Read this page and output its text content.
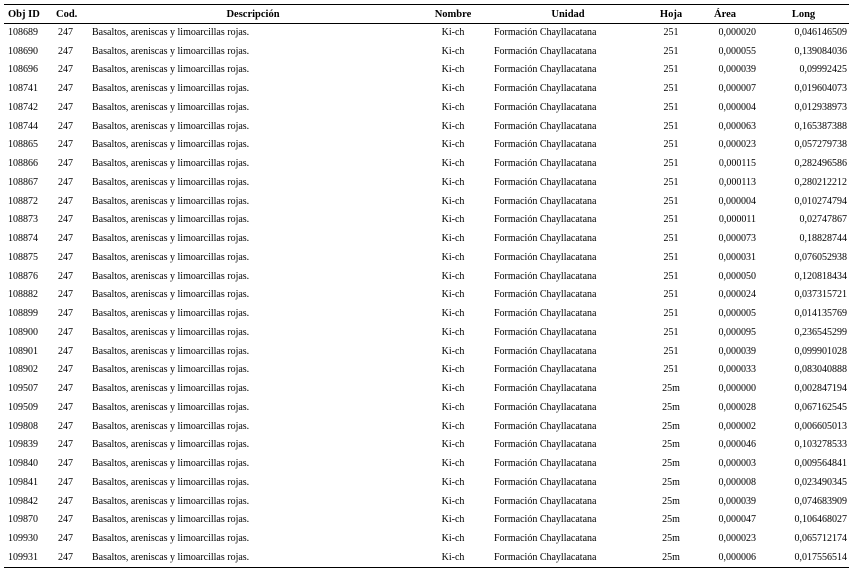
Obj ID	Cod.	Descripción	Nombre	Unidad	Hoja	Área	Long
108689	247	Basaltos, areniscas y limoarcillas rojas.	Ki-ch	Formación Chayllacatana	251	0,000020	0,046146509
108690	247	Basaltos, areniscas y limoarcillas rojas.	Ki-ch	Formación Chayllacatana	251	0,000055	0,139084036
108696	247	Basaltos, areniscas y limoarcillas rojas.	Ki-ch	Formación Chayllacatana	251	0,000039	0,09992425
108741	247	Basaltos, areniscas y limoarcillas rojas.	Ki-ch	Formación Chayllacatana	251	0,000007	0,019604073
108742	247	Basaltos, areniscas y limoarcillas rojas.	Ki-ch	Formación Chayllacatana	251	0,000004	0,012938973
108744	247	Basaltos, areniscas y limoarcillas rojas.	Ki-ch	Formación Chayllacatana	251	0,000063	0,165387388
108865	247	Basaltos, areniscas y limoarcillas rojas.	Ki-ch	Formación Chayllacatana	251	0,000023	0,057279738
108866	247	Basaltos, areniscas y limoarcillas rojas.	Ki-ch	Formación Chayllacatana	251	0,000115	0,282496586
108867	247	Basaltos, areniscas y limoarcillas rojas.	Ki-ch	Formación Chayllacatana	251	0,000113	0,280212212
108872	247	Basaltos, areniscas y limoarcillas rojas.	Ki-ch	Formación Chayllacatana	251	0,000004	0,010274794
108873	247	Basaltos, areniscas y limoarcillas rojas.	Ki-ch	Formación Chayllacatana	251	0,000011	0,02747867
108874	247	Basaltos, areniscas y limoarcillas rojas.	Ki-ch	Formación Chayllacatana	251	0,000073	0,18828744
108875	247	Basaltos, areniscas y limoarcillas rojas.	Ki-ch	Formación Chayllacatana	251	0,000031	0,076052938
108876	247	Basaltos, areniscas y limoarcillas rojas.	Ki-ch	Formación Chayllacatana	251	0,000050	0,120818434
108882	247	Basaltos, areniscas y limoarcillas rojas.	Ki-ch	Formación Chayllacatana	251	0,000024	0,037315721
108899	247	Basaltos, areniscas y limoarcillas rojas.	Ki-ch	Formación Chayllacatana	251	0,000005	0,014135769
108900	247	Basaltos, areniscas y limoarcillas rojas.	Ki-ch	Formación Chayllacatana	251	0,000095	0,236545299
108901	247	Basaltos, areniscas y limoarcillas rojas.	Ki-ch	Formación Chayllacatana	251	0,000039	0,099901028
108902	247	Basaltos, areniscas y limoarcillas rojas.	Ki-ch	Formación Chayllacatana	251	0,000033	0,083040888
109507	247	Basaltos, areniscas y limoarcillas rojas.	Ki-ch	Formación Chayllacatana	25m	0,000000	0,002847194
109509	247	Basaltos, areniscas y limoarcillas rojas.	Ki-ch	Formación Chayllacatana	25m	0,000028	0,067162545
109808	247	Basaltos, areniscas y limoarcillas rojas.	Ki-ch	Formación Chayllacatana	25m	0,000002	0,006605013
109839	247	Basaltos, areniscas y limoarcillas rojas.	Ki-ch	Formación Chayllacatana	25m	0,000046	0,103278533
109840	247	Basaltos, areniscas y limoarcillas rojas.	Ki-ch	Formación Chayllacatana	25m	0,000003	0,009564841
109841	247	Basaltos, areniscas y limoarcillas rojas.	Ki-ch	Formación Chayllacatana	25m	0,000008	0,023490345
109842	247	Basaltos, areniscas y limoarcillas rojas.	Ki-ch	Formación Chayllacatana	25m	0,000039	0,074683909
109870	247	Basaltos, areniscas y limoarcillas rojas.	Ki-ch	Formación Chayllacatana	25m	0,000047	0,106468027
109930	247	Basaltos, areniscas y limoarcillas rojas.	Ki-ch	Formación Chayllacatana	25m	0,000023	0,065712174
109931	247	Basaltos, areniscas y limoarcillas rojas.	Ki-ch	Formación Chayllacatana	25m	0,000006	0,017556514
